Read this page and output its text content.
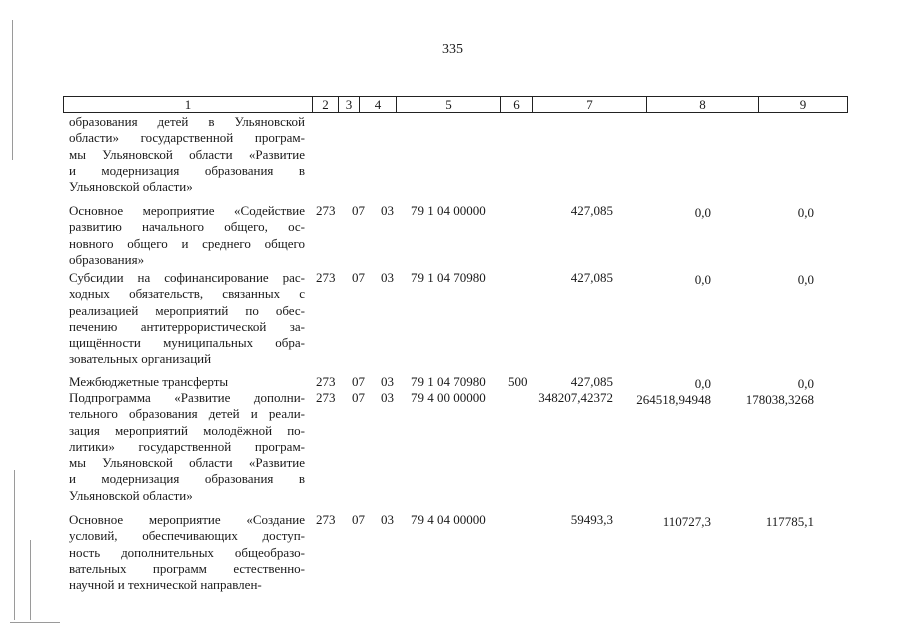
335
1	2	3	4	5	6	7	8	9
образования детей в Ульяновской
области» государственной програм-
мы Ульяновской области «Развитие
и модернизация образования в
Ульяновской области»
Основное мероприятие «Содействие
развитию начального общего, ос-
новного общего и среднего общего
образования»
273 07 03 79 1 04 00000	427,085	0,0	0,0
Субсидии на софинансирование рас-
ходных обязательств, связанных с
реализацией мероприятий по обес-
печению антитеррористической за-
щищённости муниципальных обра-
зовательных организаций
273 07 03 79 1 04 70980	427,085	0,0	0,0
Межбюджетные трансферты	273 07 03 79 1 04 70980 500	427,085	0,0	0,0
Подпрограмма «Развитие дополни-
тельного образования детей и реали-
зация мероприятий молодёжной по-
литики» государственной програм-
мы Ульяновской области «Развитие
и модернизация образования в
Ульяновской области»
273 07 03 79 4 00 00000	348207,42372	264518,94948	178038,3268
Основное мероприятие «Создание
условий, обеспечивающих доступ-
ность дополнительных общеобразо-
вательных программ естественно-
научной и технической направлен-
273 07 03 79 4 04 00000	59493,3	110727,3	117785,1
